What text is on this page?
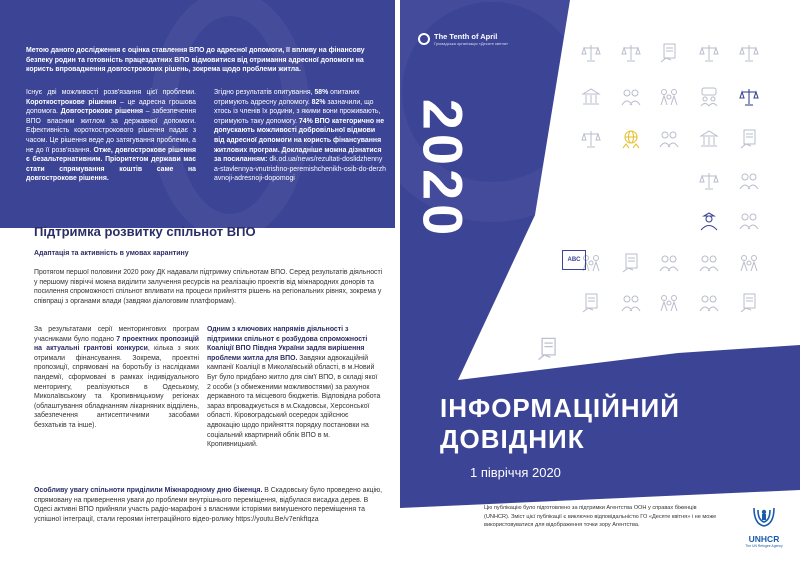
Метою даного дослідження є оцінка ставлення ВПО до адресної допомоги, її впливу на фінансову безпеку родин та готовність працездатних ВПО відмовитися від отримання адресної допомоги на користь впровадження довгострокових рішень, зокрема щодо проблеми житла.

Існує дві можливості розв'язання цієї проблеми. Короткострокове рішення – це адресна грошова допомога. Довгострокове рішення – забезпечення ВПО власним житлом за державної допомоги. Ефективність короткострокового рішення падає з часом. Це рішення веде до затягування проблеми, а не до її розв'язання. Отже, довгострокове рішення є безальтернативним. Пріоритетом держави має стати спрямування коштів саме на довгострокове рішення.
Згідно результатів опитування, 58% опитаних отримують адресну допомогу. 82% зазначили, що хтось із членів їх родини, з якими вони проживають, отримують таку допомогу. 74% ВПО категорично не допускають можливості добровільної відмови від адресної допомоги на користь фінансування житлових програм. Докладніше можна дізнатися за посиланням: dk.od.ua/news/rezultati-doslidzhennya-stavlennya-vnutrishno-peremishchenikh-osib-do-derzhavnoji-adresnoji-dopomogi
Підтримка розвитку спільнот ВПО
Адаптація та активність в умовах карантину

Протягом першої половини 2020 року ДК надавали підтримку спільнотам ВПО. Серед результатів діяльності у першому півріччі можна виділити залучення ресурсів на реалізацію проектів від міжнародних донорів та посилення спроможності спільнот впливати на процеси прийняття рішень на регіональних рівнях, зокрема у співпраці з органами влади (завдяки діалоговим платформам).

За результатами серії менторингових програм учасниками було подано 7 проектних пропозицій на актуальні грантові конкурси, кілька з яких отримали фінансування. Зокрема, проектні пропозиції, спрямовані на боротьбу із наслідками пандемії, сформовані в рамках індивідуального менторингу, реалізуються в Одеському, Миколаївському та Кропивницькому регіонах (облаштування обладнанням лікарняних відділень, забезпечення антисептичними засобами безхатьків та інше).
Одним з ключових напрямів діяльності з підтримки спільнот є розбудова спроможності Коаліції ВПО Півдня України задля вирішення проблеми житла для ВПО. Завдяки адвокаційній кампанії Коаліції в Миколаївській області, в м.Новий Буг було придбано житло для сім'ї ВПО, в складі якої 2 особи (з обмеженими можливостями) за рахунок державного та місцевого бюджетів. Відповідна робота зараз впроваджується в м.Скадовськ, Херсонської області. Кіровоградський осередок здійснює адвокацію щодо прийняття порядку постановки на соціальний квартирний облік ВПО в м. Кропивницький.
Особливу увагу спільноти приділили Міжнародному дню біженця. В Скадовську було проведено акцію, спрямовану на привернення уваги до проблеми внутрішнього переміщення, відбулася висадка дерев. В Одесі активні ВПО прийняли участь радіо-марафоні з власними історіями вимушеного переміщення та успішної інтеграції, стали героями інтеграційного відео-ролику https://youtu.Be/v7enkftqza
The Tenth of April
Громадська організація «Десяте квітня»
2020
ABC
ІНФОРМАЦІЙНИЙ
ДОВІДНИК
1 півріччя 2020

Цю публікацію було підготовлено за підтримки Агентства ООН у справах біженців (UNHCR). Зміст цієї публікації є виключно відповідальністю ГО «Десяте квітня» і не може використовуватися для відображення точки зору Агентства.

UNHCR
The UN Refugee Agency
